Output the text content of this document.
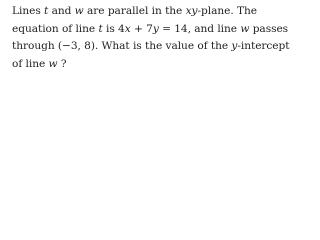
Lines t and w are parallel in the xy-plane. The
equation of line t is 4x + 7y = 14, and line w passes
through (−3, 8). What is the value of the y-intercept
of line w ?
